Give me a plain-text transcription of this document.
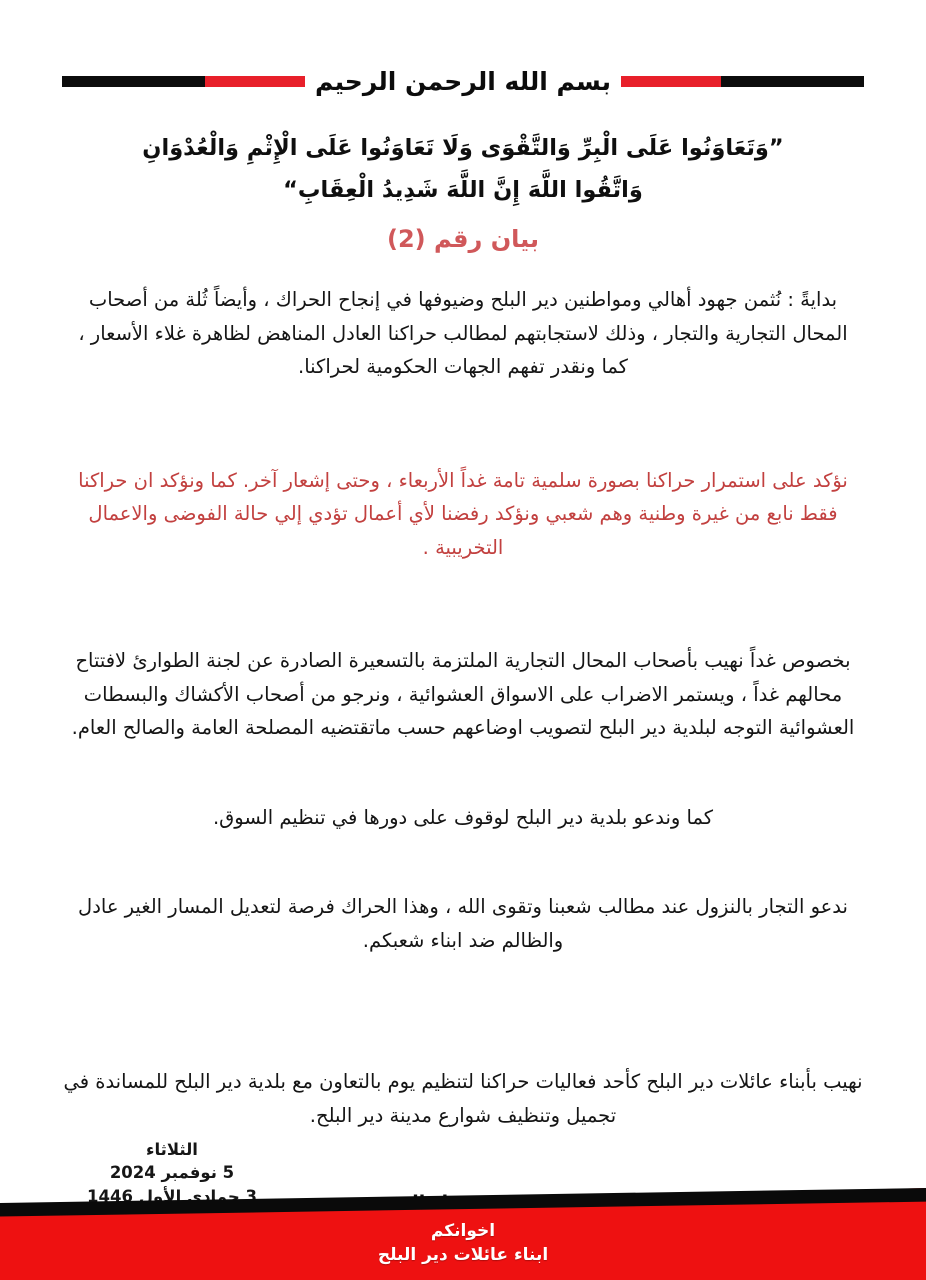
بسم الله الرحمن الرحيم
”وَتَعَاوَنُوا عَلَى الْبِرِّ وَالتَّقْوَى وَلَا تَعَاوَنُوا عَلَى الْإِثْمِ وَالْعُدْوَانِ
وَاتَّقُوا اللَّهَ إِنَّ اللَّهَ شَدِيدُ الْعِقَابِ“
بيان رقم (2)

بدايةً : نُثمن جهود أهالي ومواطنين دير البلح وضيوفها في إنجاح الحراك ، وأيضاً ثُلة من أصحاب المحال التجارية والتجار ، وذلك لاستجابتهم لمطالب حراكنا العادل المناهض لظاهرة غلاء الأسعار ، كما ونقدر تفهم الجهات الحكومية لحراكنا.

نؤكد على استمرار حراكنا بصورة سلمية تامة غداً الأربعاء ، وحتى إشعار آخر. كما ونؤكد ان حراكنا فقط نابع من غيرة وطنية وهم شعبي ونؤكد رفضنا لأي أعمال تؤدي إلي حالة الفوضى والاعمال التخريبية .

بخصوص غداً نهيب بأصحاب المحال التجارية الملتزمة بالتسعيرة الصادرة عن لجنة الطوارئ لافتتاح محالهم غداً ، ويستمر الاضراب على الاسواق العشوائية ، ونرجو من أصحاب الأكشاك والبسطات العشوائية التوجه لبلدية دير البلح لتصويب اوضاعهم حسب ماتقتضيه المصلحة العامة والصالح العام.

كما وندعو بلدية دير البلح لوقوف على دورها في تنظيم السوق.

ندعو التجار بالنزول عند مطالب شعبنا وتقوى الله ، وهذا الحراك فرصة لتعديل المسار الغير عادل والظالم ضد ابناء شعبكم.

نهيب بأبناء عائلات دير البلح كأحد فعاليات حراكنا لتنظيم يوم بالتعاون مع بلدية دير البلح للمساندة في تجميل وتنظيف شوارع مدينة دير البلح.

الثلاثاء
5 نوفمبر 2024
3 جمادى الأول 1446
اخوانكم
ابناء عائلات دير البلح
